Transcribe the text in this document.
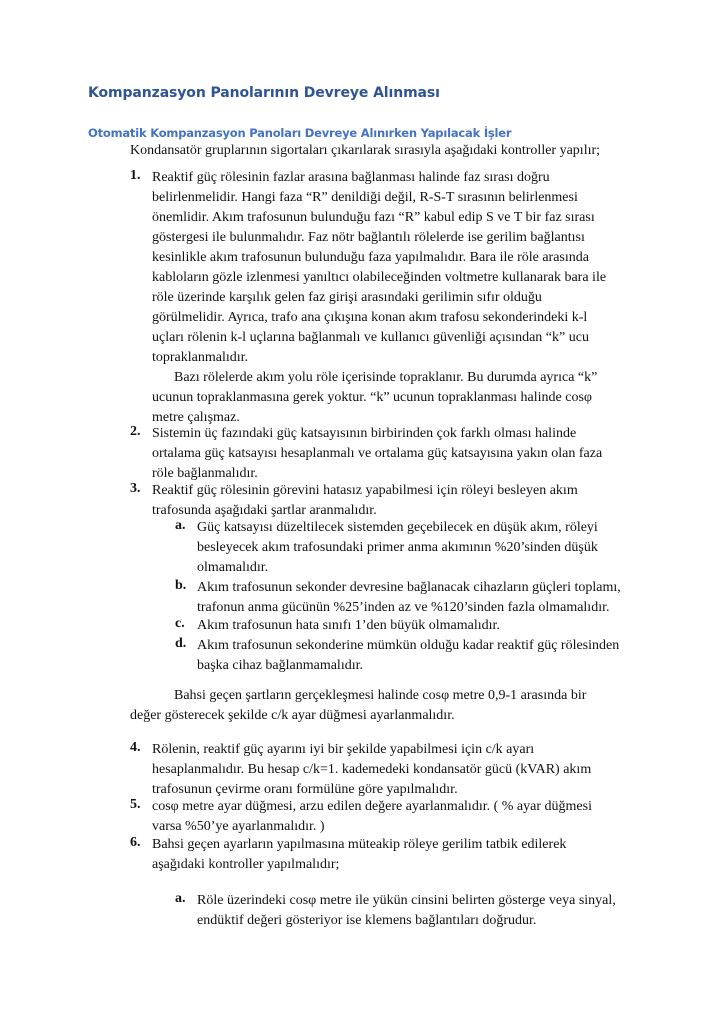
Kompanzasyon Panolarının Devreye Alınması
Otomatik Kompanzasyon Panoları Devreye Alınırken Yapılacak İşler
Kondansatör gruplarının sigortaları çıkarılarak sırasıyla aşağıdaki kontroller yapılır;
1. Reaktif güç rölesinin fazlar arasına bağlanması halinde faz sırası doğru
belirlenmelidir. Hangi faza “R” denildiği değil, R-S-T sırasının belirlenmesi
önemlidir. Akım trafosunun bulunduğu fazı “R” kabul edip S ve T bir faz sırası
göstergesi ile bulunmalıdır. Faz nötr bağlantılı rölelerde ise gerilim bağlantısı
kesinlikle akım trafosunun bulunduğu faza yapılmalıdır. Bara ile röle arasında
kabloların gözle izlenmesi yanıltıcı olabileceğinden voltmetre kullanarak bara ile
röle üzerinde karşılık gelen faz girişi arasındaki gerilimin sıfır olduğu
görülmelidir. Ayrıca, trafo ana çıkışına konan akım trafosu sekonderindeki k-l
uçları rölenin k-l uçlarına bağlanmalı ve kullanıcı güvenliği açısından “k” ucu
topraklanmalıdır.
Bazı rölelerde akım yolu röle içerisinde topraklanır. Bu durumda ayrıca “k”
ucunun topraklanmasına gerek yoktur. “k” ucunun topraklanması halinde cosφ
metre çalışmaz.
2. Sistemin üç fazındaki güç katsayısının birbirinden çok farklı olması halinde
ortalama güç katsayısı hesaplanmalı ve ortalama güç katsayısına yakın olan faza
röle bağlanmalıdır.
3. Reaktif güç rölesinin görevini hatasız yapabilmesi için röleyi besleyen akım
trafosunda aşağıdaki şartlar aranmalıdır.
a. Güç katsayısı düzeltilecek sistemden geçebilecek en düşük akım, röleyi
besleyecek akım trafosundaki primer anma akımının %20’sinden düşük
olmamalıdır.
b. Akım trafosunun sekonder devresine bağlanacak cihazların güçleri toplamı,
trafonun anma gücünün %25’inden az ve %120’sinden fazla olmamalıdır.
c. Akım trafosunun hata sınıfı 1’den büyük olmamalıdır.
d. Akım trafosunun sekonderine mümkün olduğu kadar reaktif güç rölesinden
başka cihaz bağlanmamalıdır.
Bahsi geçen şartların gerçekleşmesi halinde cosφ metre 0,9-1 arasında bir
değer gösterecek şekilde c/k ayar düğmesi ayarlanmalıdır.
4. Rölenin, reaktif güç ayarını iyi bir şekilde yapabilmesi için c/k ayarı
hesaplanmalıdır. Bu hesap c/k=1. kademedeki kondansatör gücü (kVAR) akım
trafosunun çevirme oranı formülüne göre yapılmalıdır.
5. cosφ metre ayar düğmesi, arzu edilen değere ayarlanmalıdır. ( % ayar düğmesi
varsa %50’ye ayarlanmalıdır. )
6. Bahsi geçen ayarların yapılmasına müteakip röleye gerilim tatbik edilerek
aşağıdaki kontroller yapılmalıdır;
a. Röle üzerindeki cosφ metre ile yükün cinsini belirten gösterge veya sinyal,
endüktif değeri gösteriyor ise klemens bağlantıları doğrudur.
